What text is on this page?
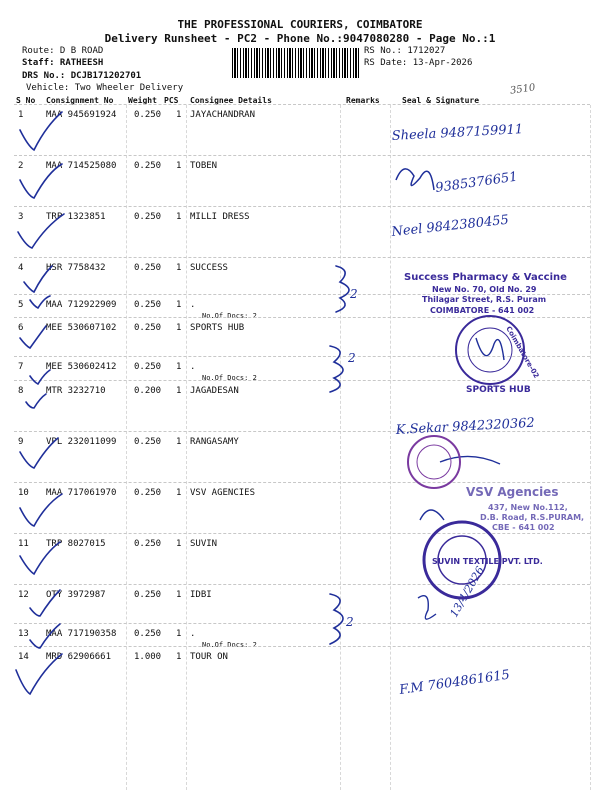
THE PROFESSIONAL COURIERS, COIMBATORE
Delivery Runsheet - PC2 - Phone No.:9047080280 - Page No.:1
Route: D B ROAD
Staff: RATHEESH
DRS No.: DCJB171202701
Vehicle: Two Wheeler Delivery
RS No.: 1712027
RS Date: 13-Apr-2026
3510
S No Consignment No Weight PCS Consignee Details	Remarks	Seal & Signature
1	MAA 945691924 0.250 1 JAYACHANDRAN
2	MAA 714525080 0.250 1 TOBEN
3	TRP 1323851	0.250 1 MILLI DRESS
4	HSR 7758432	0.250 1 SUCCESS
5	MAA 712922909 0.250 1 .
No.Of Docs: 2
6	MEE 530607102 0.250 1 SPORTS HUB
7	MEE 530602412 0.250 1 .
No.Of Docs: 2
8	MTR 3232710	0.200 1 JAGADESAN
9	VPL 232011099 0.250 1 RANGASAMY
10 MAA 717061970 0.250 1 VSV AGENCIES
11 TRP 8027015	0.250 1 SUVIN
12 OTY 3972987	0.250 1 IDBI
13 MAA 717190358 0.250 1 .
No.Of Docs: 2
14 MRD 62906661	1.000 1 TOUR ON
2
2
2
Sheela 9487159911
9385376651
Neel 9842380455
K.Sekar 9842320362
13/4/2026
F.M 7604861615
Success Pharmacy & Vaccine
New No. 70, Old No. 29
Thilagar Street, R.S. Puram
COIMBATORE - 641 002
SPORTS HUB
Coimbatore-02
VSV Agencies
437, New No.112,
D.B. Road, R.S.PURAM,
CBE - 641 002
SUVIN TEXTILE PVT. LTD.
